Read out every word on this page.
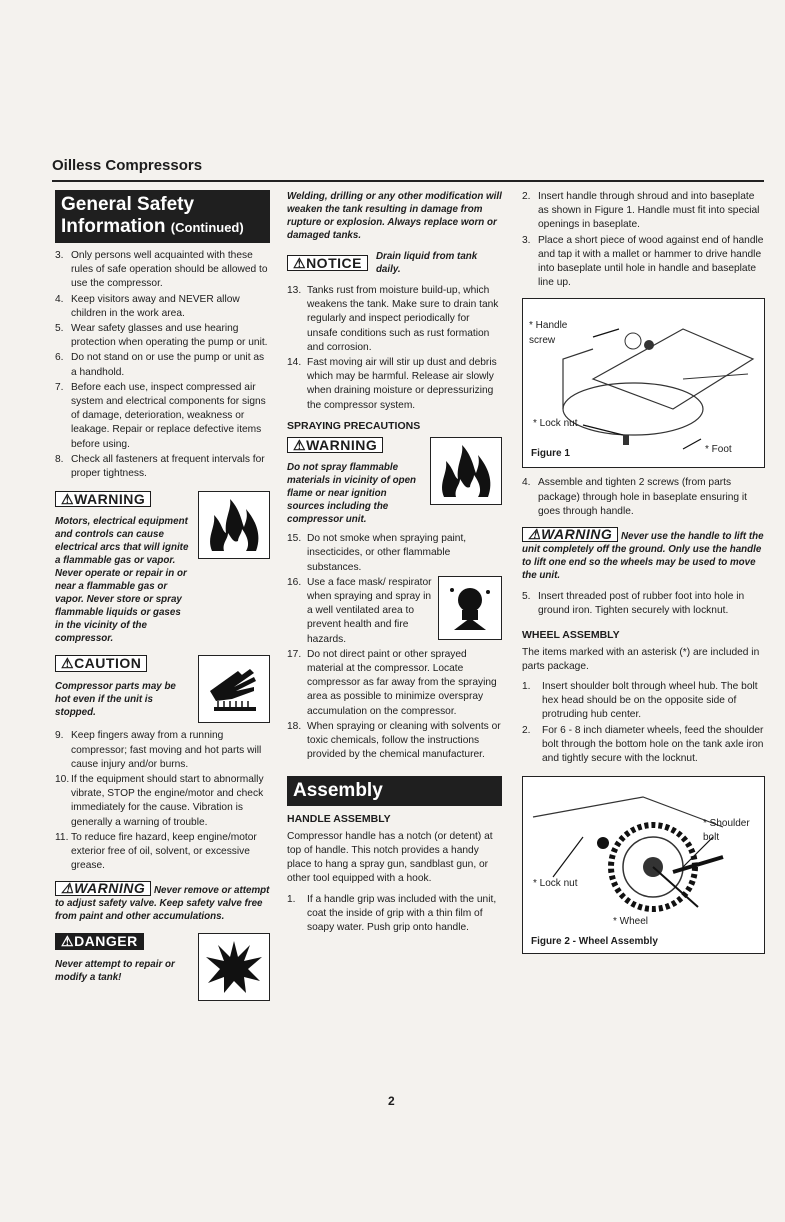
Oilless Compressors
General Safety Information (Continued)
3. Only persons well acquainted with these rules of safe operation should be allowed to use the compressor.
4. Keep visitors away and NEVER allow children in the work area.
5. Wear safety glasses and use hearing protection when operating the pump or unit.
6. Do not stand on or use the pump or unit as a handhold.
7. Before each use, inspect compressed air system and electrical components for signs of damage, deterioration, weakness or leakage. Repair or replace defective items before using.
8. Check all fasteners at frequent intervals for proper tightness.
⚠WARNING
Motors, electrical equipment and controls can cause electrical arcs that will ignite a flammable gas or vapor. Never operate or repair in or near a flammable gas or vapor. Never store or spray flammable liquids or gases in the vicinity of the compressor.
⚠CAUTION
Compressor parts may be hot even if the unit is stopped.
9. Keep fingers away from a running compressor; fast moving and hot parts will cause injury and/or burns.
10. If the equipment should start to abnormally vibrate, STOP the engine/motor and check immediately for the cause. Vibration is generally a warning of trouble.
11. To reduce fire hazard, keep engine/motor exterior free of oil, solvent, or excessive grease.
⚠WARNING Never remove or attempt to adjust safety valve. Keep safety valve free from paint and other accumulations.
⚠DANGER
Never attempt to repair or modify a tank!
Welding, drilling or any other modification will weaken the tank resulting in damage from rupture or explosion. Always replace worn or damaged tanks.
⚠NOTICE	Drain liquid from tank daily.
13. Tanks rust from moisture build-up, which weakens the tank. Make sure to drain tank regularly and inspect periodically for unsafe conditions such as rust formation and corrosion.
14. Fast moving air will stir up dust and debris which may be harmful. Release air slowly when draining moisture or depressurizing the compressor system.
SPRAYING PRECAUTIONS
⚠WARNING
Do not spray flammable materials in vicinity of open flame or near ignition sources including the compressor unit.
15. Do not smoke when spraying paint, insecticides, or other flammable substances.
16. Use a face mask/ respirator when spraying and spray in a well ventilated area to prevent health and fire hazards.
17. Do not direct paint or other sprayed material at the compressor. Locate compressor as far away from the spraying area as possible to minimize overspray accumulation on the compressor.
18. When spraying or cleaning with solvents or toxic chemicals, follow the instructions provided by the chemical manufacturer.
Assembly
HANDLE ASSEMBLY
Compressor handle has a notch (or detent) at top of handle. This notch provides a handy place to hang a spray gun, sandblast gun, or other tool equipped with a hook.
1.	If a handle grip was included with the unit, coat the inside of grip with a thin film of soapy water. Push grip onto handle.
2. Insert handle through shroud and into baseplate as shown in Figure 1. Handle must fit into special openings in baseplate.
3. Place a short piece of wood against end of handle and tap it with a mallet or hammer to drive handle into baseplate until hole in handle and baseplate line up.
* Handle screw
* Lock nut
* Foot
Figure 1
4. Assemble and tighten 2 screws (from parts package) through hole in baseplate ensuring it goes through handle.
⚠WARNING Never use the handle to lift the unit completely off the ground. Only use the handle to lift one end so the wheels may be used to move the unit.
5. Insert threaded post of rubber foot into hole in ground iron. Tighten securely with locknut.
WHEEL ASSEMBLY
The items marked with an asterisk (*) are included in parts package.
1.	Insert shoulder bolt through wheel hub. The bolt hex head should be on the opposite side of protruding hub center.
2.	For 6 - 8 inch diameter wheels, feed the shoulder bolt through the bottom hole on the tank axle iron and tightly secure with the locknut.
* Shoulder bolt
* Lock nut
* Wheel
Figure 2 - Wheel Assembly
2
